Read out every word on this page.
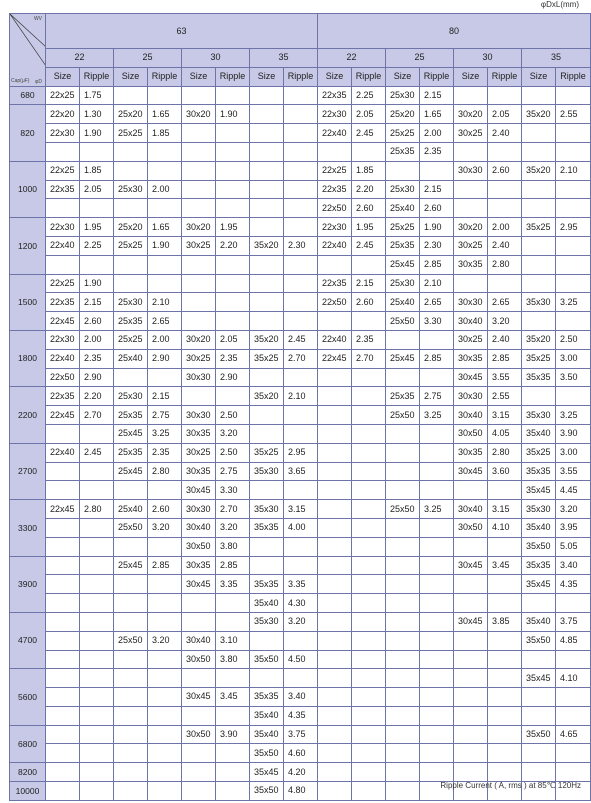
φDxL(mm)
WV
φD
Cap(μF)	63								80							
	22		25		30		35		22		25		30		35	
	Size	Ripple	Size	Ripple	Size	Ripple	Size	Ripple	Size	Ripple	Size	Ripple	Size	Ripple	Size	Ripple
680	22x25	1.75							22x35	2.25	25x30	2.15				
820	22x20	1.30	25x20	1.65	30x20	1.90			22x30	2.05	25x20	1.65	30x20	2.05	35x20	2.55
	22x30	1.90	25x25	1.85					22x40	2.45	25x25	2.00	30x25	2.40		
											25x35	2.35				
1000	22x25	1.85							22x25	1.85			30x30	2.60	35x20	2.10
	22x35	2.05	25x30	2.00					22x35	2.20	25x30	2.15				
									22x50	2.60	25x40	2.60				
1200	22x30	1.95	25x20	1.65	30x20	1.95			22x30	1.95	25x25	1.90	30x20	2.00	35x25	2.95
	22x40	2.25	25x25	1.90	30x25	2.20	35x20	2.30	22x40	2.45	25x35	2.30	30x25	2.40		
											25x45	2.85	30x35	2.80		
1500	22x25	1.90							22x35	2.15	25x30	2.10				
	22x35	2.15	25x30	2.10					22x50	2.60	25x40	2.65	30x30	2.65	35x30	3.25
	22x45	2.60	25x35	2.65							25x50	3.30	30x40	3.20		
1800	22x30	2.00	25x25	2.00	30x20	2.05	35x20	2.45	22x40	2.35			30x25	2.40	35x20	2.50
	22x40	2.35	25x40	2.90	30x25	2.35	35x25	2.70	22x45	2.70	25x45	2.85	30x35	2.85	35x25	3.00
	22x50	2.90			30x30	2.90							30x45	3.55	35x35	3.50
2200	22x35	2.20	25x30	2.15			35x20	2.10			25x35	2.75	30x30	2.55		
	22x45	2.70	25x35	2.75	30x30	2.50					25x50	3.25	30x40	3.15	35x30	3.25
			25x45	3.25	30x35	3.20							30x50	4.05	35x40	3.90
2700	22x40	2.45	25x35	2.35	30x25	2.50	35x25	2.95					30x35	2.80	35x25	3.00
			25x45	2.80	30x35	2.75	35x30	3.65					30x45	3.60	35x35	3.55
					30x45	3.30									35x45	4.45
3300	22x45	2.80	25x40	2.60	30x30	2.70	35x30	3.15			25x50	3.25	30x40	3.15	35x30	3.20
			25x50	3.20	30x40	3.20	35x35	4.00					30x50	4.10	35x40	3.95
					30x50	3.80									35x50	5.05
3900			25x45	2.85	30x35	2.85							30x45	3.45	35x35	3.40
					30x45	3.35	35x35	3.35							35x45	4.35
							35x40	4.30								
4700							35x30	3.20					30x45	3.85	35x40	3.75
			25x50	3.20	30x40	3.10									35x50	4.85
					30x50	3.80	35x50	4.50								
5600															35x45	4.10
					30x45	3.45	35x35	3.40								
							35x40	4.35								
6800					30x50	3.90	35x40	3.75							35x50	4.65
							35x50	4.60								
8200							35x45	4.20								
10000							35x50	4.80									Ripple Current ( A, rms ) at 85℃ 120Hz
